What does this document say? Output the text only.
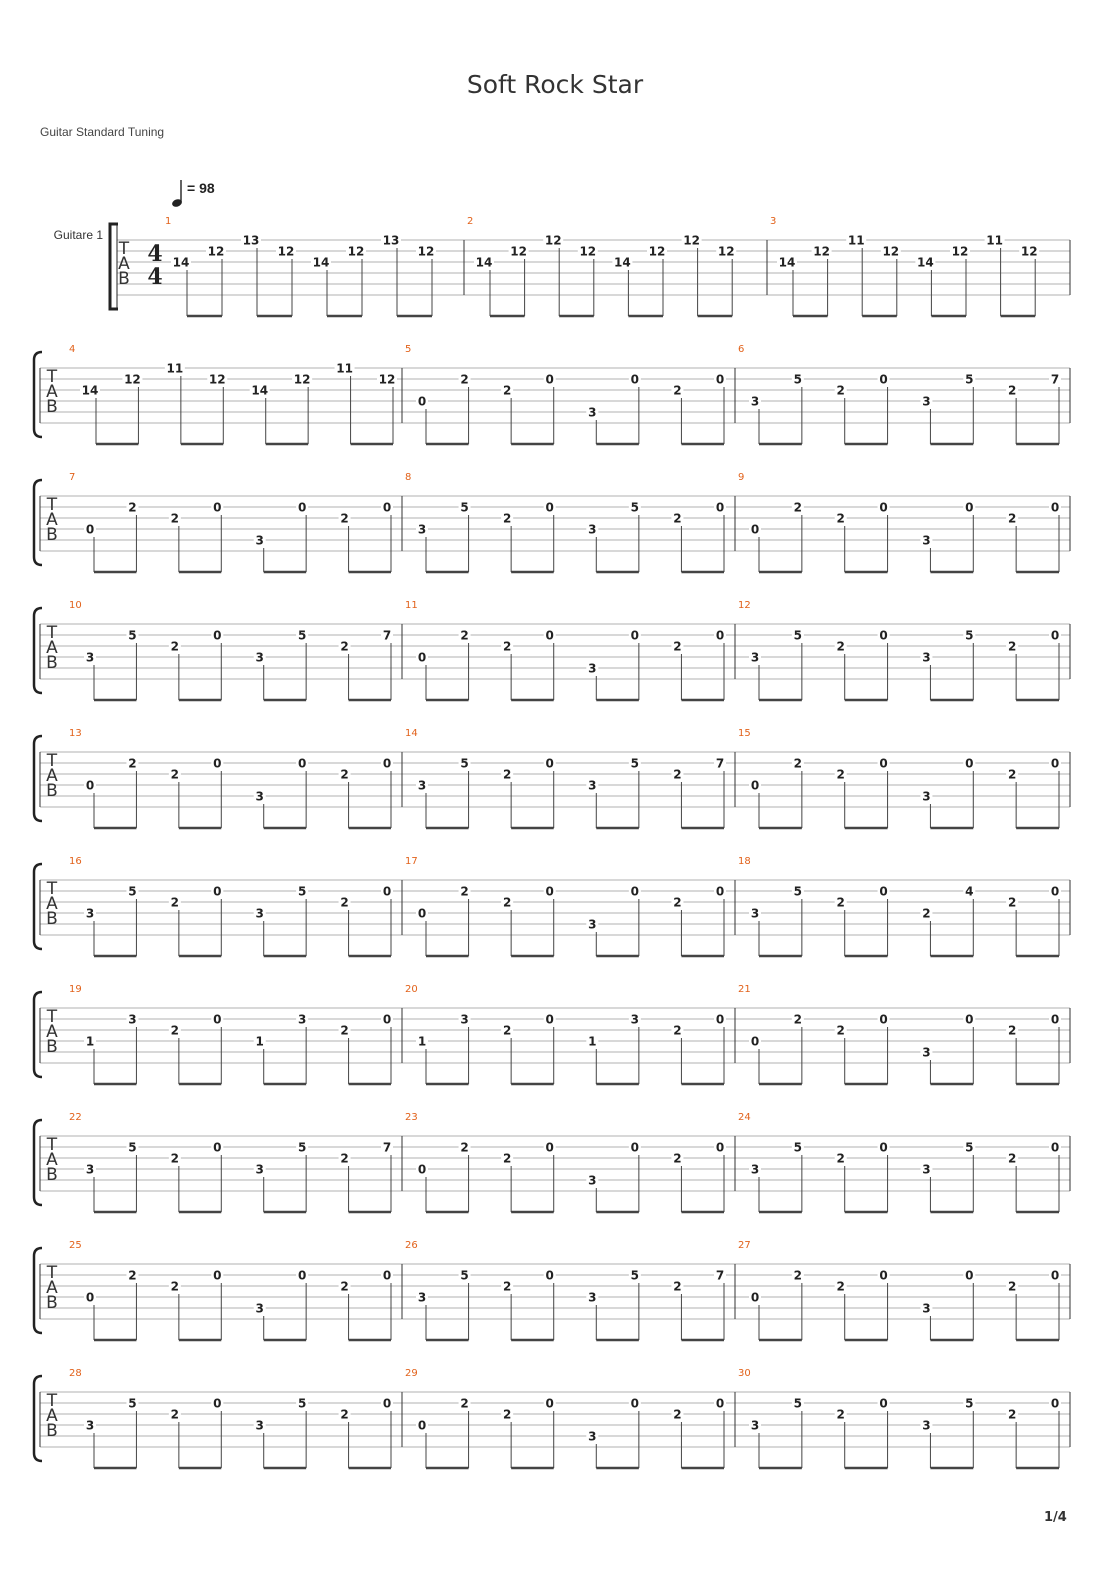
Soft Rock Star
Guitar Standard Tuning
= 98
T
A
B
Guitare 1
4
4
1
14
12
13
12
14
12
13
12
2
14
12
12
12
14
12
12
12
3
14
12
11
12
14
12
11
12
T
A
B
4
14
12
11
12
14
12
11
12
5
0
2
2
0
3
0
2
0
6
3
5
2
0
3
5
2
7
T
A
B
7
0
2
2
0
3
0
2
0
8
3
5
2
0
3
5
2
0
9
0
2
2
0
3
0
2
0
T
A
B
10
3
5
2
0
3
5
2
7
11
0
2
2
0
3
0
2
0
12
3
5
2
0
3
5
2
0
T
A
B
13
0
2
2
0
3
0
2
0
14
3
5
2
0
3
5
2
7
15
0
2
2
0
3
0
2
0
T
A
B
16
3
5
2
0
3
5
2
0
17
0
2
2
0
3
0
2
0
18
3
5
2
0
2
4
2
0
T
A
B
19
1
3
2
0
1
3
2
0
20
1
3
2
0
1
3
2
0
21
0
2
2
0
3
0
2
0
T
A
B
22
3
5
2
0
3
5
2
7
23
0
2
2
0
3
0
2
0
24
3
5
2
0
3
5
2
0
T
A
B
25
0
2
2
0
3
0
2
0
26
3
5
2
0
3
5
2
7
27
0
2
2
0
3
0
2
0
T
A
B
28
3
5
2
0
3
5
2
0
29
0
2
2
0
3
0
2
0
30
3
5
2
0
3
5
2
0
1/4
